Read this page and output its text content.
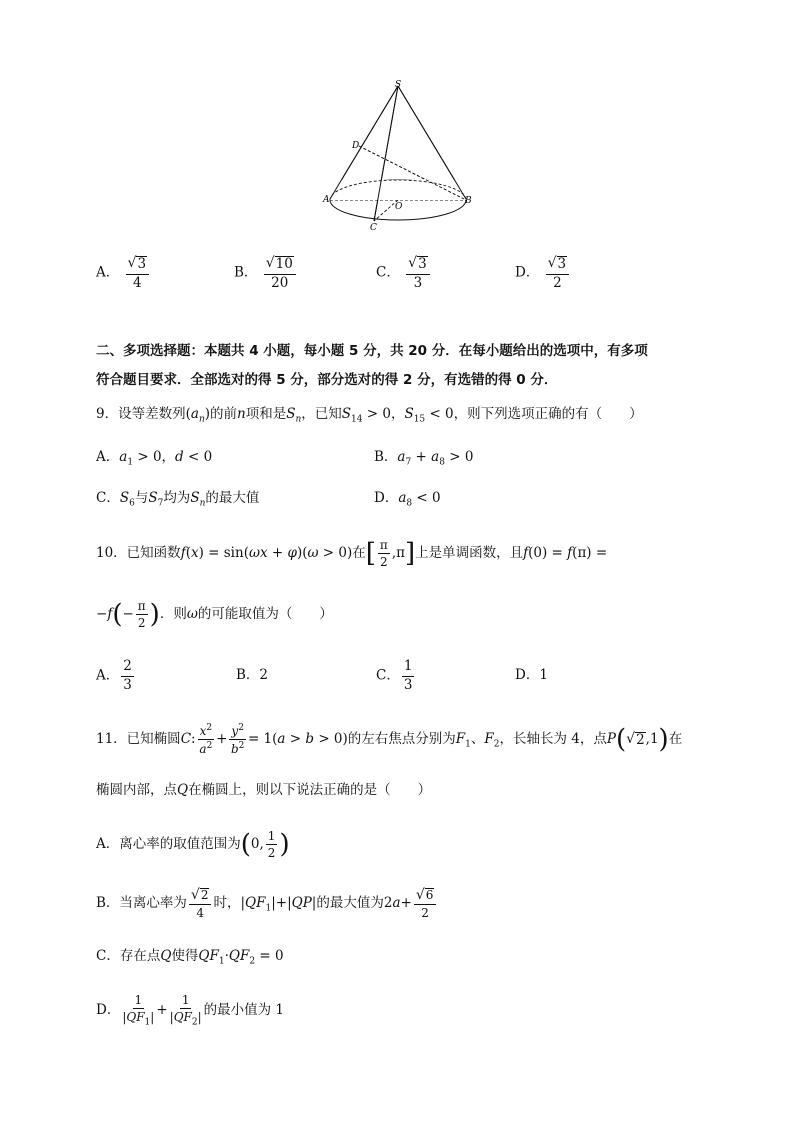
S
D
A
O
B
C
A． $\frac{√ 3}{4}$	B． $\frac{√ 10}{20}$	C． $\frac{√ 3}{3}$	D． $\frac{√ 3}{2}$
二、多项选择题：本题共 4 小题，每小题 5 分，共 20 分．在每小题给出的选项中，有多项
符合题目要求．全部选对的得 5 分，部分选对的得 2 分，有选错的得 0 分．
9．设等差数列$(a_n)$的前n项和是$S_n$，已知$S_{14} > 0$，$S_{15} < 0$，则下列选项正确的有（　　）
A．$a_1 > 0$，d < 0	B．$a_7 + a_8 > 0$
C．$S_6$与$S_7$均为$S_n$的最大值	D．$a_8 < 0$
10．已知函数f(x) = sin(ωx + φ)(ω > 0)在[ $\frac{\pi}{2} ,\pi$]上是单调函数，且f(0) = f(π) =
$-f(- \frac{\pi}{2}$ )．则ω的可能取值为（　　）
A． $\frac{2}{3}$	B．2	C． $\frac{1}{3}$	D．1
11．已知椭圆C: $\frac{x^2}{a^2} + \frac{y^2}{b^2} = 1(a > b > 0)$的左右焦点分别为$F_1$、$F_2$，长轴长为 4，点P( √ 2 ,1)在
椭圆内部，点Q在椭圆上，则以下说法正确的是（　　）
A．离心率的取值范围为(0, $\frac{1}{2}$ )
B．当离心率为 $\frac{√ 2}{4}$ 时，$|QF_1|+|QP|$的最大值为$2a+ \frac{√ 6}{2}$
C．存在点Q使得$QF_1\cdot QF_2 = 0$
D． $\frac{1}{|QF_1|} + \frac{1}{|QF_2|}$ 的最小值为 1
